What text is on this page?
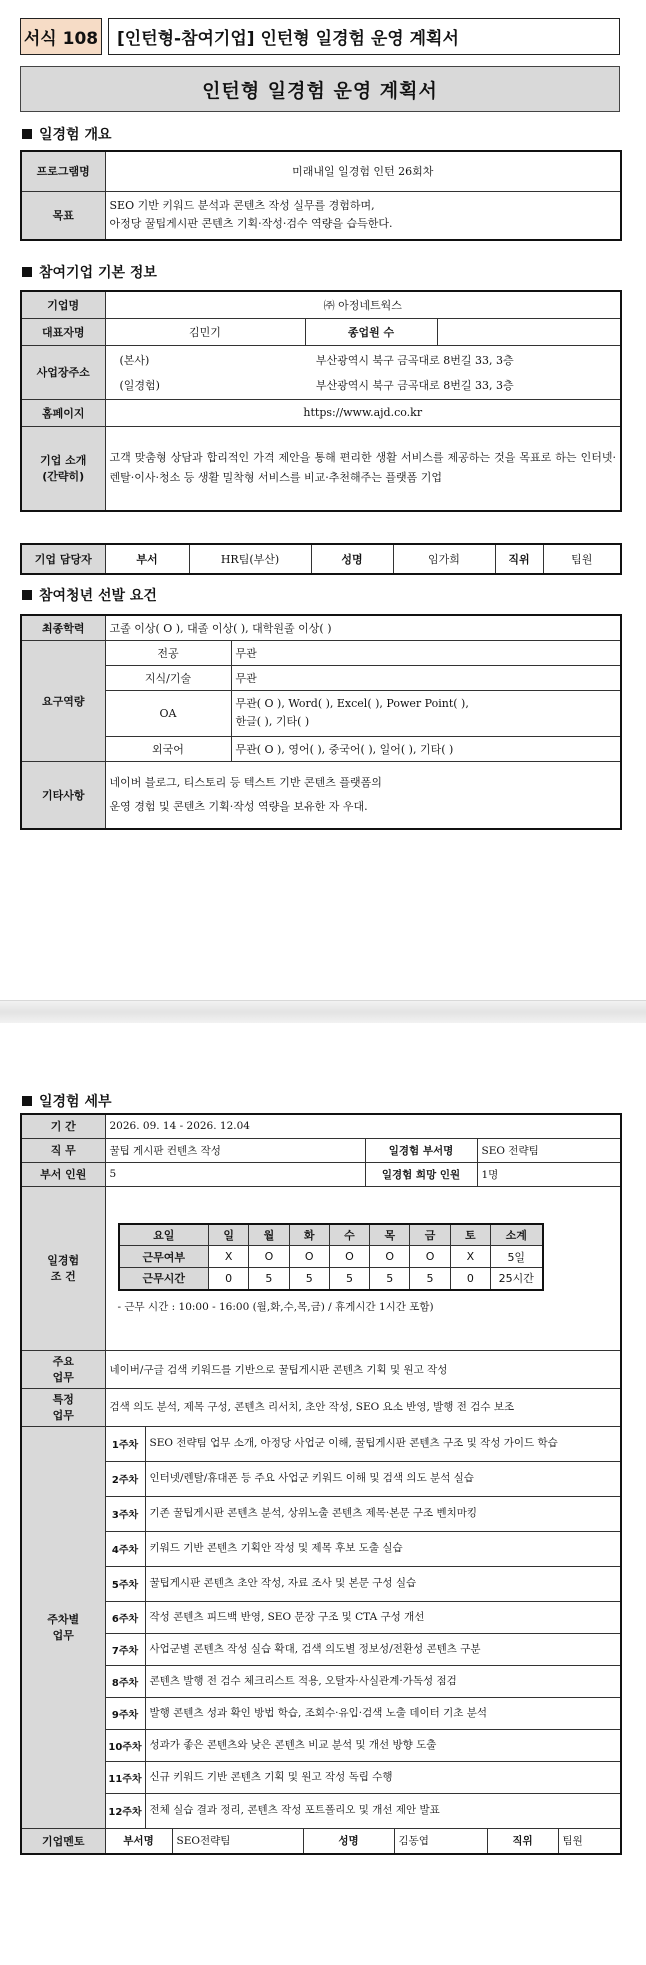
서식 108	[인턴형-참여기업] 인턴형 일경험 운영 계획서
인턴형 일경험 운영 계획서
일경험 개요
프로그램명	미래내일 일경험 인턴 26회차
목표	SEO 기반 키워드 분석과 콘텐츠 작성 실무를 경험하며,
아정당 꿀팁게시판 콘텐츠 기획·작성·검수 역량을 습득한다.
참여기업 기본 정보
기업명	㈜ 아정네트웍스		
대표자명	김민기	종업원 수	
사업장주소	(본사) 부산광역시 북구 금곡대로 8번길 33, 3층
(일경험) 부산광역시 북구 금곡대로 8번길 33, 3층		

홈페이지	https://www.ajd.co.kr		

기업 소개
(간략히)	고객 맞춤형 상담과 합리적인 가격 제안을 통해 편리한 생활 서비스를 제공하는 것을 목표로 하는 인터넷·렌탈·이사·청소 등 생활 밀착형 서비스를 비교·추천해주는 플랫폼 기업		
기업 담당자	부서	HR팀(부산)	성명	임가희	직위	팀원
참여청년 선발 요건
최종학력	고졸 이상( O ), 대졸 이상( ), 대학원졸 이상( )	
요구역량	전공	무관
	지식/기술	무관
	OA	무관( O ), Word( ), Excel( ), Power Point( ),
한글( ), 기타( )

	외국어	무관( O ), 영어( ), 중국어( ), 일어( ), 기타( )
기타사항	네이버 블로그, 티스토리 등 텍스트 기반 콘텐츠 플랫폼의
운영 경험 및 콘텐츠 기획·작성 역량을 보유한 자 우대.	
일경험 세부
기 간	2026. 09. 14 - 2026. 12.04
직 무	꿀팁 게시판 컨텐츠 작성	일경험 부서명	SEO 전략팀
부서 인원	5	일경험 희망 인원	1명

일경험
조 건

요일	일	월	화	수	목	금	토	소계
근무여부	X	O	O	O	O	O	X	5일
근무시간	0	5	5	5	5	5	0	25시간
- 근무 시간 : 10:00 - 16:00 (월,화,수,목,금) / 휴게시간 1시간 포함)

주요
업무
	네이버/구글 검색 키워드를 기반으로 꿀팁게시판 콘텐츠 기획 및 원고 작성

특정
업무
	검색 의도 분석, 제목 구성, 콘텐츠 리서치, 초안 작성, SEO 요소 반영, 발행 전 검수 보조

주차별
업무
	1주차	SEO 전략팀 업무 소개, 아정당 사업군 이해, 꿀팁게시판 콘텐츠 구조 및 작성 가이드 학습
2주차	인터넷/렌탈/휴대폰 등 주요 사업군 키워드 이해 및 검색 의도 분석 실습
3주차	기존 꿀팁게시판 콘텐츠 분석, 상위노출 콘텐츠 제목·본문 구조 벤치마킹
4주차	키워드 기반 콘텐츠 기획안 작성 및 제목 후보 도출 실습
5주차	꿀팁게시판 콘텐츠 초안 작성, 자료 조사 및 본문 구성 실습
6주차	작성 콘텐츠 피드백 반영, SEO 문장 구조 및 CTA 구성 개선
7주차	사업군별 콘텐츠 작성 실습 확대, 검색 의도별 정보성/전환성 콘텐츠 구분
8주차	콘텐츠 발행 전 검수 체크리스트 적용, 오탈자·사실관계·가독성 점검
9주차	발행 콘텐츠 성과 확인 방법 학습, 조회수·유입·검색 노출 데이터 기초 분석
10주차	성과가 좋은 콘텐츠와 낮은 콘텐츠 비교 분석 및 개선 방향 도출
11주차	신규 키워드 기반 콘텐츠 기획 및 원고 작성 독립 수행
12주차	전체 실습 결과 정리, 콘텐츠 작성 포트폴리오 및 개선 제안 발표
기업멘토	부서명	SEO전략팀	성명	김동엽	직위	팀원
